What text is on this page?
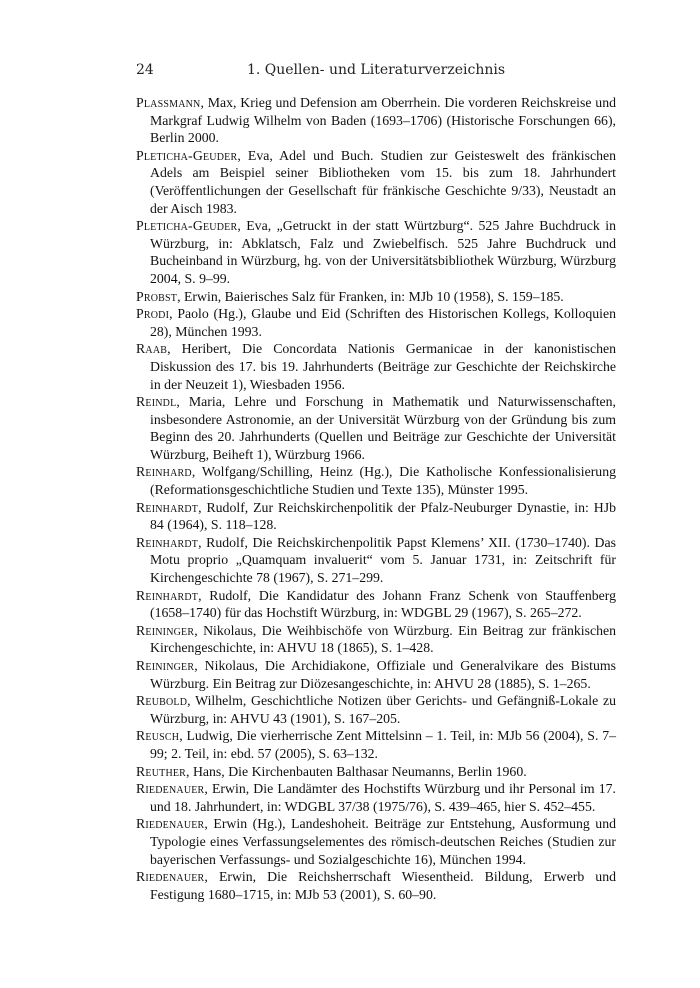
24	1. Quellen- und Literaturverzeichnis

Plassmann, Max, Krieg und Defension am Oberrhein. Die vorderen Reichskreise und Markgraf Ludwig Wilhelm von Baden (1693–1706) (Historische Forschungen 66), Berlin 2000.

Pleticha-Geuder, Eva, Adel und Buch. Studien zur Geisteswelt des fränkischen Adels am Beispiel seiner Bibliotheken vom 15. bis zum 18. Jahrhundert (Veröffentlichungen der Gesellschaft für fränkische Geschichte 9/33), Neustadt an der Aisch 1983.

Pleticha-Geuder, Eva, „Getruckt in der statt Würtzburg“. 525 Jahre Buchdruck in Würzburg, in: Abklatsch, Falz und Zwiebelfisch. 525 Jahre Buchdruck und Bucheinband in Würzburg, hg. von der Universitätsbibliothek Würzburg, Würzburg 2004, S. 9–99.

Probst, Erwin, Baierisches Salz für Franken, in: MJb 10 (1958), S. 159–185.

Prodi, Paolo (Hg.), Glaube und Eid (Schriften des Historischen Kollegs, Kolloquien 28), München 1993.

Raab, Heribert, Die Concordata Nationis Germanicae in der kanonistischen Diskussion des 17. bis 19. Jahrhunderts (Beiträge zur Geschichte der Reichskirche in der Neuzeit 1), Wiesbaden 1956.

Reindl, Maria, Lehre und Forschung in Mathematik und Naturwissenschaften, insbesondere Astronomie, an der Universität Würzburg von der Gründung bis zum Beginn des 20. Jahrhunderts (Quellen und Beiträge zur Geschichte der Universität Würzburg, Beiheft 1), Würzburg 1966.

Reinhard, Wolfgang/Schilling, Heinz (Hg.), Die Katholische Konfessionalisierung (Reformationsgeschichtliche Studien und Texte 135), Münster 1995.

Reinhardt, Rudolf, Zur Reichskirchenpolitik der Pfalz-Neuburger Dynastie, in: HJb 84 (1964), S. 118–128.

Reinhardt, Rudolf, Die Reichskirchenpolitik Papst Klemens’ XII. (1730–1740). Das Motu proprio „Quamquam invaluerit“ vom 5. Januar 1731, in: Zeitschrift für Kirchengeschichte 78 (1967), S. 271–299.

Reinhardt, Rudolf, Die Kandidatur des Johann Franz Schenk von Stauffenberg (1658–1740) für das Hochstift Würzburg, in: WDGBL 29 (1967), S. 265–272.

Reininger, Nikolaus, Die Weihbischöfe von Würzburg. Ein Beitrag zur fränkischen Kirchengeschichte, in: AHVU 18 (1865), S. 1–428.

Reininger, Nikolaus, Die Archidiakone, Offiziale und Generalvikare des Bistums Würzburg. Ein Beitrag zur Diözesangeschichte, in: AHVU 28 (1885), S. 1–265.

Reubold, Wilhelm, Geschichtliche Notizen über Gerichts- und Gefängniß-Lokale zu Würzburg, in: AHVU 43 (1901), S. 167–205.

Reusch, Ludwig, Die vierherrische Zent Mittelsinn – 1. Teil, in: MJb 56 (2004), S. 7–99; 2. Teil, in: ebd. 57 (2005), S. 63–132.

Reuther, Hans, Die Kirchenbauten Balthasar Neumanns, Berlin 1960.

Riedenauer, Erwin, Die Landämter des Hochstifts Würzburg und ihr Personal im 17. und 18. Jahrhundert, in: WDGBL 37/38 (1975/76), S. 439–465, hier S. 452–455.

Riedenauer, Erwin (Hg.), Landeshoheit. Beiträge zur Entstehung, Ausformung und Typologie eines Verfassungselementes des römisch-deutschen Reiches (Studien zur bayerischen Verfassungs- und Sozialgeschichte 16), München 1994.

Riedenauer, Erwin, Die Reichsherrschaft Wiesentheid. Bildung, Erwerb und Festigung 1680–1715, in: MJb 53 (2001), S. 60–90.
